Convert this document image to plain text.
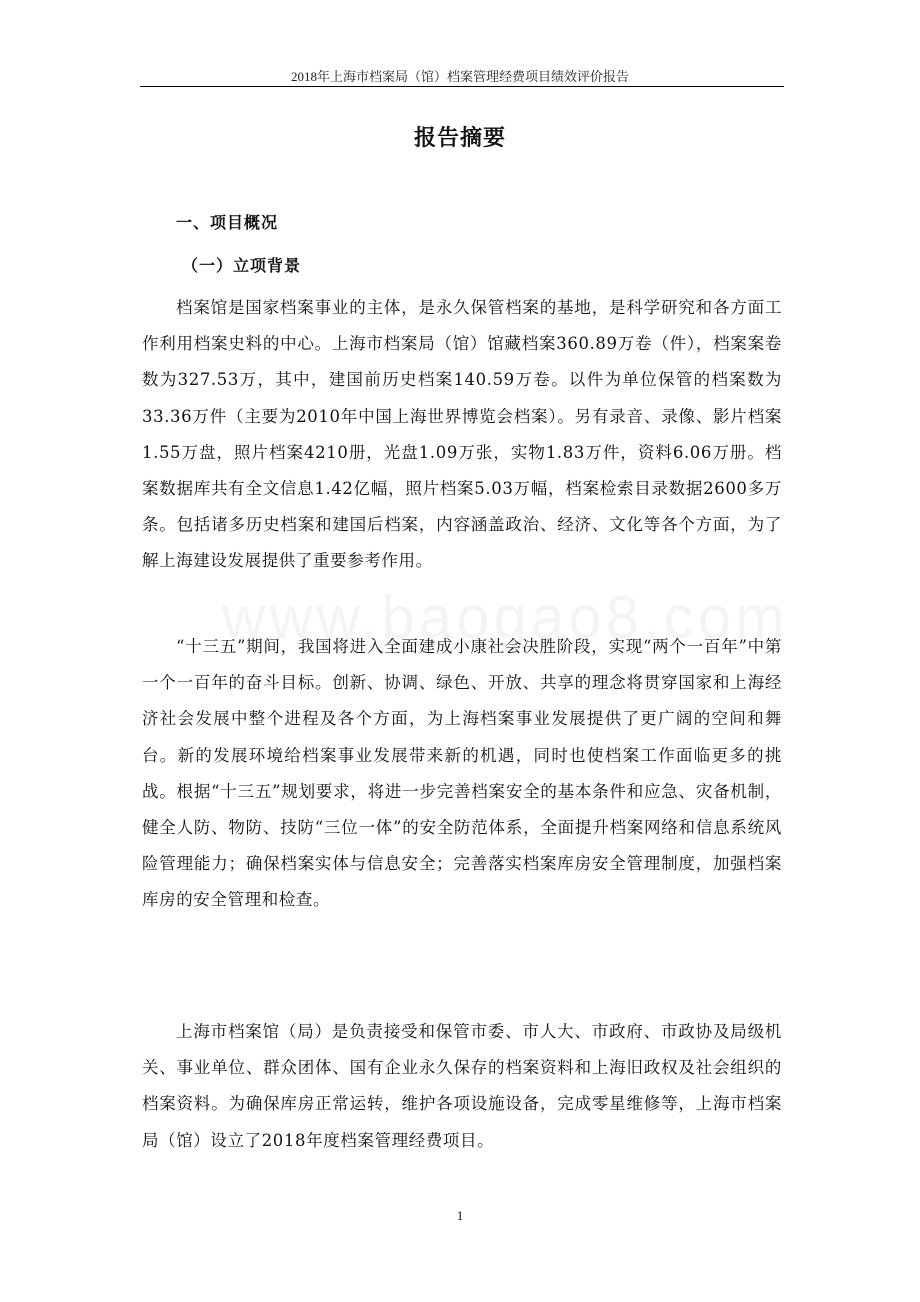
2018年上海市档案局（馆）档案管理经费项目绩效评价报告
报告摘要
一、项目概况
（一）立项背景
档案馆是国家档案事业的主体，是永久保管档案的基地，是科学研究和各方面工作利用档案史料的中心。上海市档案局（馆）馆藏档案360.89万卷（件），档案案卷数为327.53万，其中，建国前历史档案140.59万卷。以件为单位保管的档案数为33.36万件（主要为2010年中国上海世界博览会档案）。另有录音、录像、影片档案1.55万盘，照片档案4210册，光盘1.09万张，实物1.83万件，资料6.06万册。档案数据库共有全文信息1.42亿幅，照片档案5.03万幅，档案检索目录数据2600多万条。包括诸多历史档案和建国后档案，内容涵盖政治、经济、文化等各个方面，为了解上海建设发展提供了重要参考作用。
“十三五”期间，我国将进入全面建成小康社会决胜阶段，实现“两个一百年”中第一个一百年的奋斗目标。创新、协调、绿色、开放、共享的理念将贯穿国家和上海经济社会发展中整个进程及各个方面，为上海档案事业发展提供了更广阔的空间和舞台。新的发展环境给档案事业发展带来新的机遇，同时也使档案工作面临更多的挑战。根据“十三五”规划要求，将进一步完善档案安全的基本条件和应急、灾备机制，健全人防、物防、技防“三位一体”的安全防范体系，全面提升档案网络和信息系统风险管理能力；确保档案实体与信息安全；完善落实档案库房安全管理制度，加强档案库房的安全管理和检查。
上海市档案馆（局）是负责接受和保管市委、市人大、市政府、市政协及局级机关、事业单位、群众团体、国有企业永久保存的档案资料和上海旧政权及社会组织的档案资料。为确保库房正常运转，维护各项设施设备，完成零星维修等，上海市档案局（馆）设立了2018年度档案管理经费项目。
1
